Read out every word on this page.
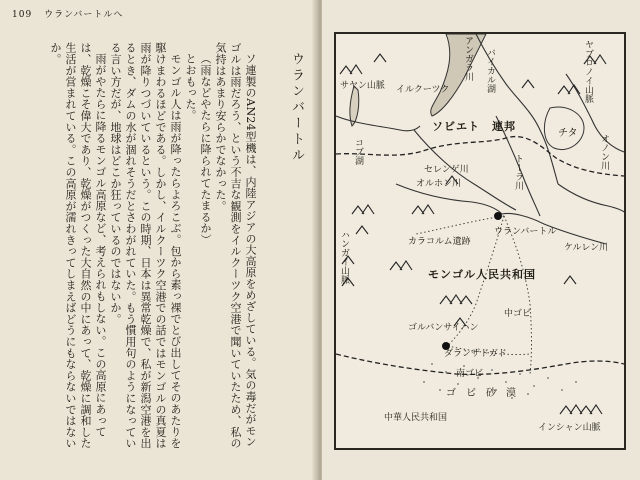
109 ウランバートルへ
ウランバートル

ソ連製のAN24型機は、内陸アジアの大高原をめざしている。気の毒だがモンゴルは雨だろう、という不吉な観測をイルクーツク空港で聞いていたため、私の気持はあまり安らかでなかった。

（雨などやたらに降られてたまるか）

とおもった。

モンゴル人は雨が降ったらよろこぶ。包から素っ裸でとび出してそのあたりを駆けまわるほどである。しかし、イルクーツク空港での話ではモンゴルの真夏は雨が降りつづいているという。この時期、日本は異常乾燥で、私が新潟空港を出るとき、ダムの水が涸れそうだとさわがれていた。もう慣用句のようになっている言い方だが、地球はどこか狂っているのではないか。

雨がやたらに降るモンゴル高原など、考えられもしない。この高原にあっては、乾燥こそ偉大であり、乾燥がつくった大自然の中にあって、乾燥に調和した生活が営まれている。この高原が濡れきってしまえばどうにもならないではないか。	アンガラ川 バイカル湖	ヤブロノイ山脈
サヤン山脈 イルクーツク
コブ湖
ソビエト 連邦
チタ
セレンゲ川
オルホン川
オノン川
トーラ川
ウランバートル
カラコルム遺跡
ハンガイ山脈	ケルレン川
モンゴル人民共和国
中ゴビ
ゴルバンサイハン
ダランザドガド
南ゴビ
ゴ　ビ　砂　漠
中華人民共和国
インシャン山脈
